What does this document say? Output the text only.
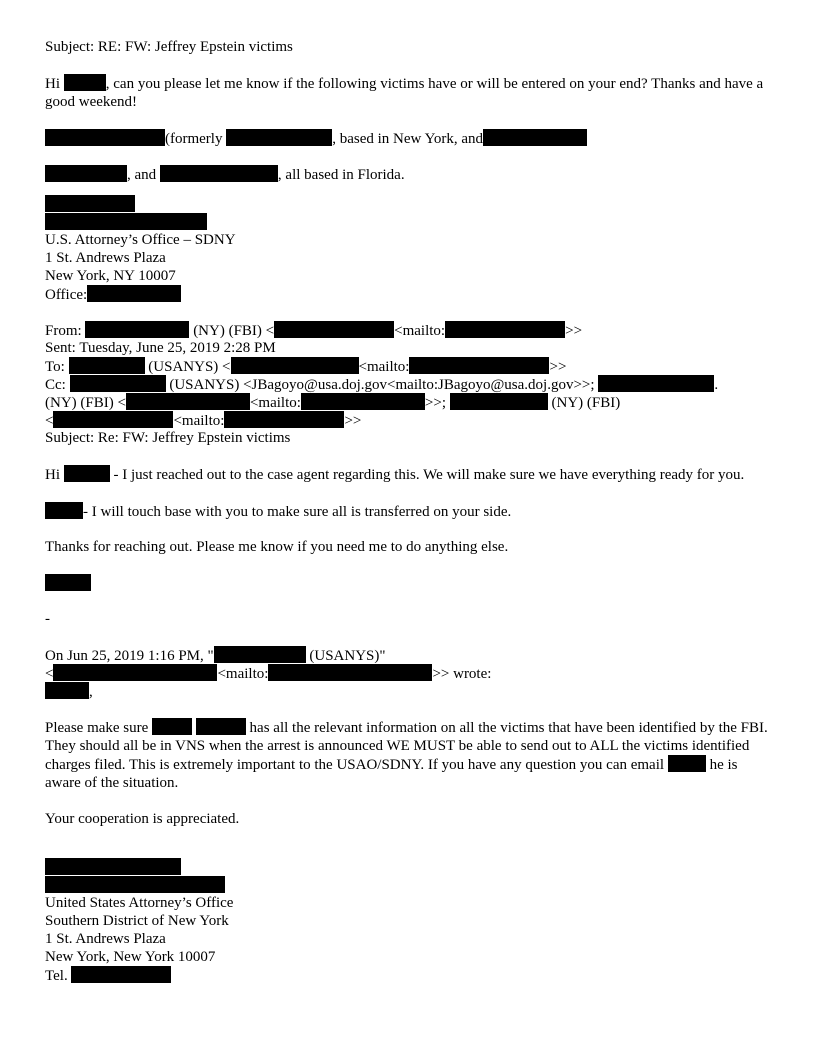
Subject: RE: FW: Jeffrey Epstein victims
Hi	, can you please let me know if the following victims have or will be entered on your end? Thanks and have a good weekend!
(formerly	, based in New York, and
, and	, all based in Florida.
U.S. Attorney’s Office – SDNY
1 St. Andrews Plaza
New York, NY 10007
Office:
From:	(NY) (FBI) <	<mailto:	>>
Sent: Tuesday, June 25, 2019 2:28 PM
To:	(USANYS) <	<mailto:	>>
Cc:	(USANYS) <JBagoyo@usa.doj.gov<mailto:JBagoyo@usa.doj.gov>>;	.
(NY) (FBI) <	<mailto:	>>;	(NY) (FBI)
<	<mailto:	>>
Subject: Re: FW: Jeffrey Epstein victims
Hi	- I just reached out to the case agent regarding this. We will make sure we have everything ready for you.
- I will touch base with you to make sure all is transferred on your side.
Thanks for reaching out. Please me know if you need me to do anything else.
-
On Jun 25, 2019 1:16 PM, "	(USANYS)"
<	<mailto:	>> wrote:
,
Please make sure	has all the relevant information on all the victims that have been identified by the FBI. They should all be in VNS when the arrest is announced WE MUST be able to send out to ALL the victims identified charges filed. This is extremely important to the USAO/SDNY. If you have any question you can email	he is aware of the situation.
Your cooperation is appreciated.
United States Attorney’s Office
Southern District of New York
1 St. Andrews Plaza
New York, New York 10007
Tel.
